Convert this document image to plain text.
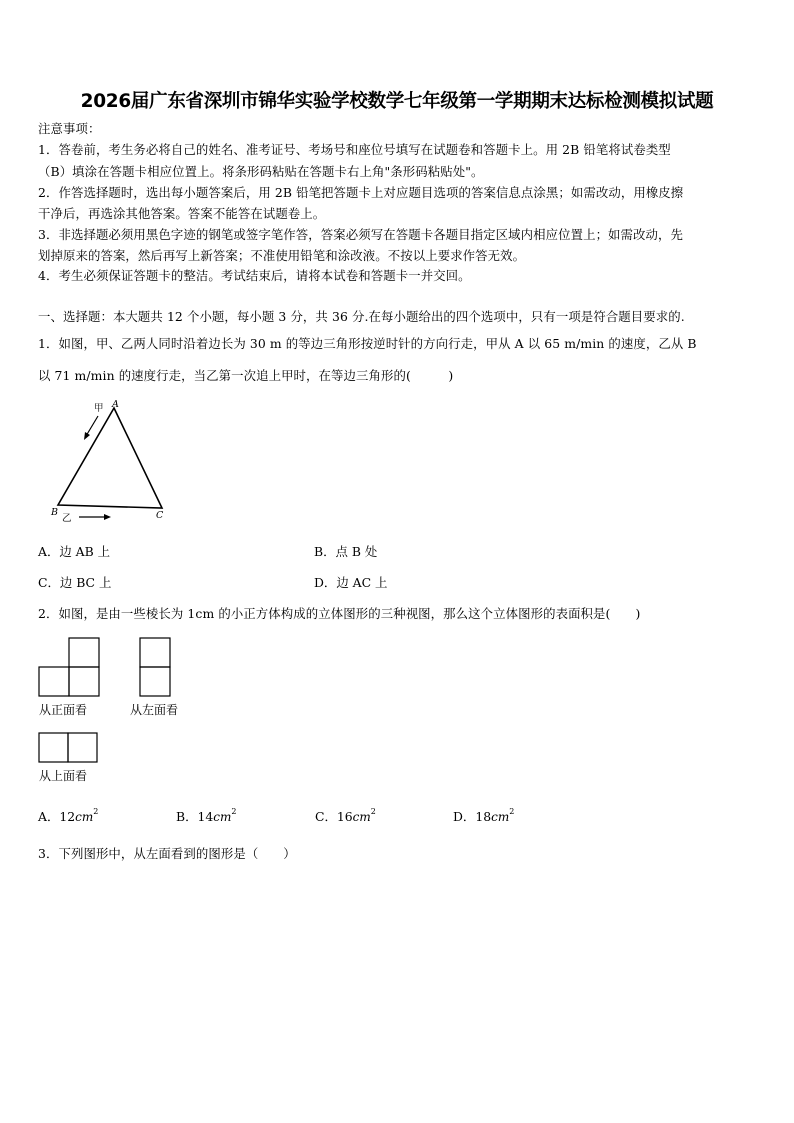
2026届广东省深圳市锦华实验学校数学七年级第一学期期末达标检测模拟试题
注意事项：
1．答卷前，考生务必将自己的姓名、准考证号、考场号和座位号填写在试题卷和答题卡上。用 2B 铅笔将试卷类型
（B）填涂在答题卡相应位置上。将条形码粘贴在答题卡右上角"条形码粘贴处"。
2．作答选择题时，选出每小题答案后，用 2B 铅笔把答题卡上对应题目选项的答案信息点涂黑；如需改动，用橡皮擦
干净后，再选涂其他答案。答案不能答在试题卷上。
3．非选择题必须用黑色字迹的钢笔或签字笔作答，答案必须写在答题卡各题目指定区域内相应位置上；如需改动，先
划掉原来的答案，然后再写上新答案；不准使用铅笔和涂改液。不按以上要求作答无效。
4．考生必须保证答题卡的整洁。考试结束后，请将本试卷和答题卡一并交回。
一、选择题：本大题共 12 个小题，每小题 3 分，共 36 分.在每小题给出的四个选项中，只有一项是符合题目要求的.
1．如图，甲、乙两人同时沿着边长为 30 m 的等边三角形按逆时针的方向行走，甲从 A 以 65 m/min 的速度，乙从 B
以 71 m/min 的速度行走，当乙第一次追上甲时，在等边三角形的(　　　)
甲 A
B	C
乙
A．边 AB 上	B．点 B 处
C．边 BC 上	D．边 AC 上
2．如图，是由一些棱长为 1cm 的小正方体构成的立体图形的三种视图，那么这个立体图形的表面积是(　　)
从正面看	从左面看
从上面看
A．$12cm^2$	B．$14cm^2$	C．$16cm^2$	D．$18cm^2$
3．下列图形中，从左面看到的图形是（　　）
